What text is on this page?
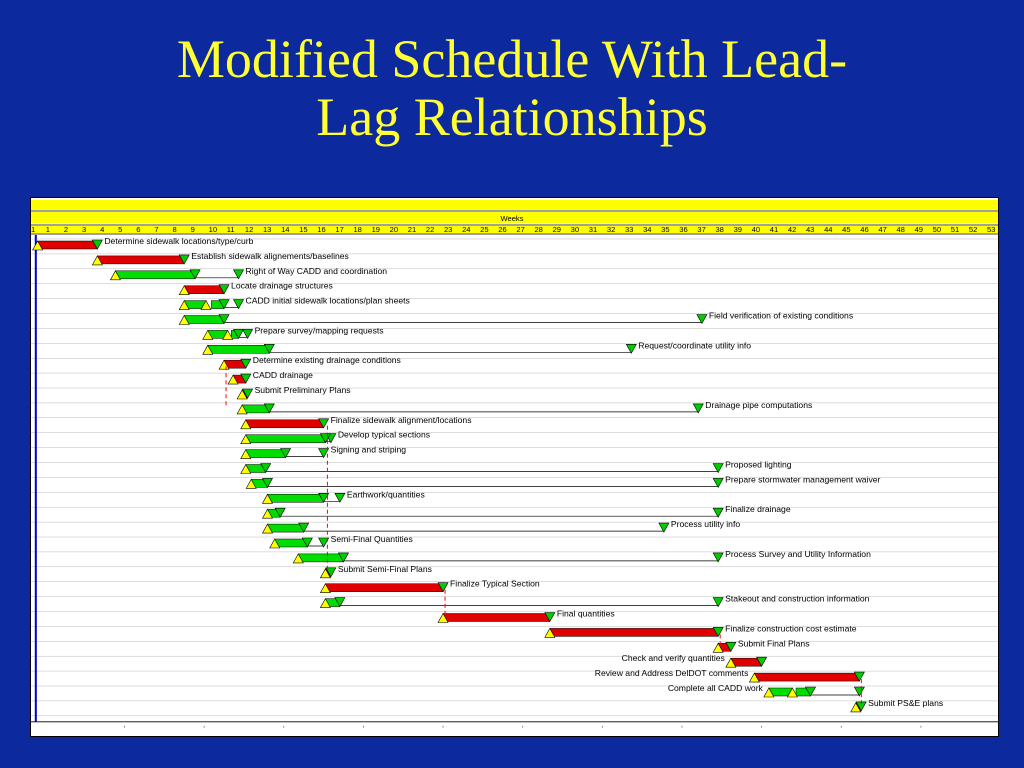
Modified Schedule With Lead-
Lag Relationships
Weeks
1 1 2 3 4 5 6 7 8 9 10 11 12 13 14 15 16 17 18 19 20 21 22 23 24 25 26 27 28 29 30 31 32 33 34 35 36 37 38 39 40 41 42 43 44 45 46 47 48 49 50 51 52 53
Determine sidewalk locations/type/curb
Establish sidewalk alignements/baselines
Right of Way CADD and coordination
Locate drainage structures
CADD initial sidewalk locations/plan sheets
Field verification of existing conditions
Prepare survey/mapping requests
Request/coordinate utility info
Determine existing drainage conditions
CADD drainage
Submit Preliminary Plans
Drainage pipe computations
Finalize sidewalk alignment/locations
Develop typical sections
Signing and striping
Proposed lighting
Prepare stormwater management waiver
Earthwork/quantities
Finalize drainage
Process utility info
Semi-Final Quantities
Process Survey and Utility Information
Submit Semi-Final Plans
Finalize Typical Section
Stakeout and construction information
Final quantities
Finalize construction cost estimate
Submit Final Plans
Check and verify quantities
Review and Address DelDOT comments
Complete all CADD work
Submit PS&E plans
